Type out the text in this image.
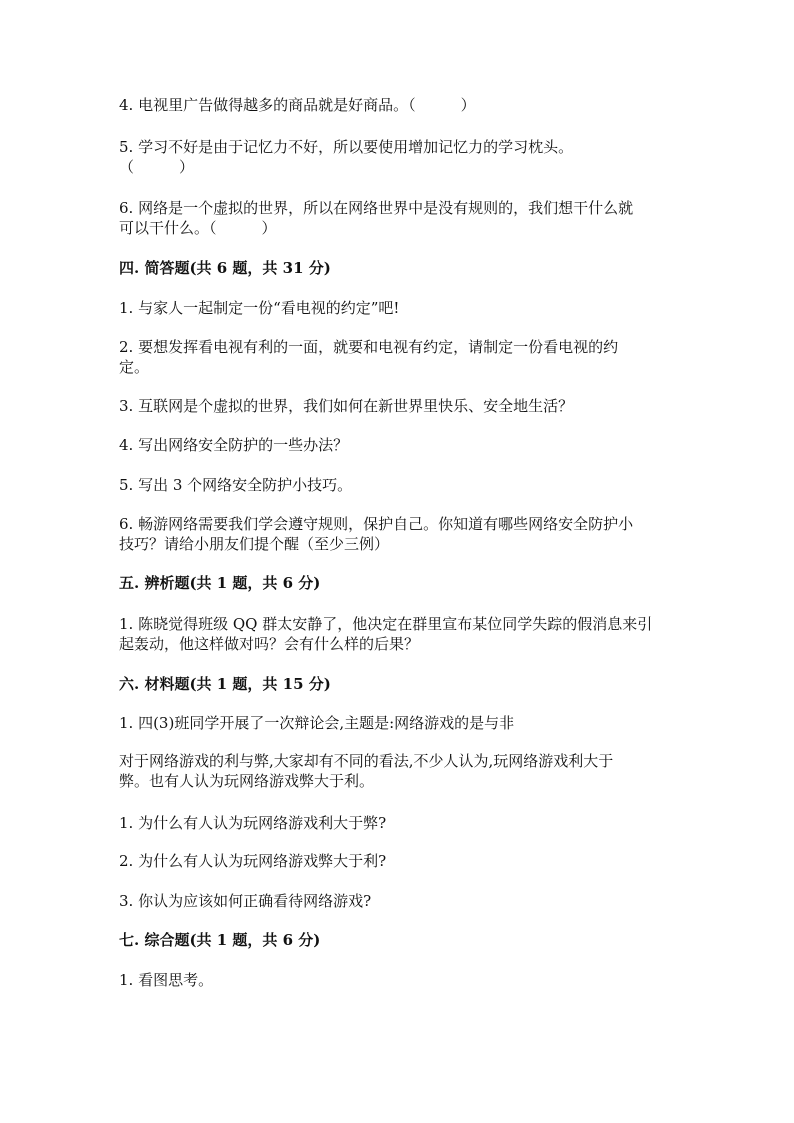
4. 电视里广告做得越多的商品就是好商品。（　　　）
5. 学习不好是由于记忆力不好，所以要使用增加记忆力的学习枕头。
（　　　）
6. 网络是一个虚拟的世界，所以在网络世界中是没有规则的，我们想干什么就
可以干什么。（　　　）
四. 简答题(共 6 题，共 31 分)
1. 与家人一起制定一份“看电视的约定”吧!
2. 要想发挥看电视有利的一面，就要和电视有约定，请制定一份看电视的约
定。
3. 互联网是个虚拟的世界，我们如何在新世界里快乐、安全地生活？
4. 写出网络安全防护的一些办法？
5. 写出 3 个网络安全防护小技巧。
6. 畅游网络需要我们学会遵守规则，保护自己。你知道有哪些网络安全防护小
技巧？请给小朋友们提个醒（至少三例）
五. 辨析题(共 1 题，共 6 分)
1. 陈晓觉得班级 QQ 群太安静了，他决定在群里宣布某位同学失踪的假消息来引
起轰动，他这样做对吗？会有什么样的后果？
六. 材料题(共 1 题，共 15 分)
1. 四(3)班同学开展了一次辩论会,主题是:网络游戏的是与非
对于网络游戏的利与弊,大家却有不同的看法,不少人认为,玩网络游戏利大于
弊。也有人认为玩网络游戏弊大于利。
1. 为什么有人认为玩网络游戏利大于弊?
2. 为什么有人认为玩网络游戏弊大于利?
3. 你认为应该如何正确看待网络游戏?
七. 综合题(共 1 题，共 6 分)
1. 看图思考。
